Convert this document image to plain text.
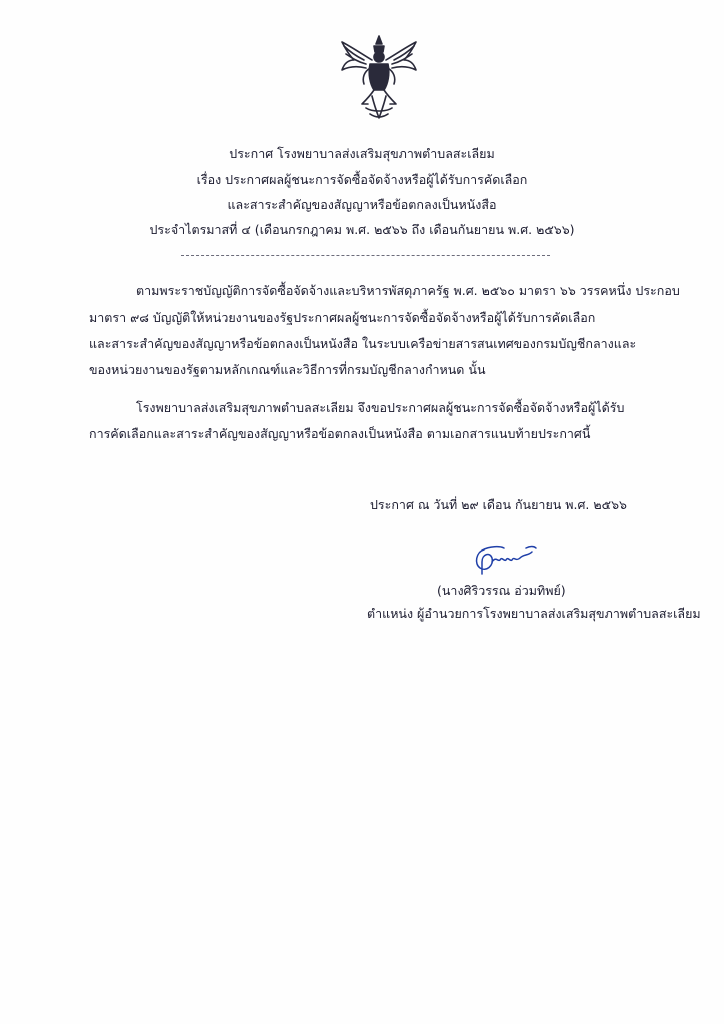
ประกาศ โรงพยาบาลส่งเสริมสุขภาพตำบลสะเลียม
เรื่อง ประกาศผลผู้ชนะการจัดซื้อจัดจ้างหรือผู้ได้รับการคัดเลือก
และสาระสำคัญของสัญญาหรือข้อตกลงเป็นหนังสือ
ประจำไตรมาสที่ ๔ (เดือนกรกฎาคม พ.ศ. ๒๕๖๖ ถึง เดือนกันยายน พ.ศ. ๒๕๖๖)
ตามพระราชบัญญัติการจัดซื้อจัดจ้างและบริหารพัสดุภาครัฐ พ.ศ. ๒๕๖๐ มาตรา ๖๖ วรรคหนึ่ง ประกอบ
มาตรา ๙๘ บัญญัติให้หน่วยงานของรัฐประกาศผลผู้ชนะการจัดซื้อจัดจ้างหรือผู้ได้รับการคัดเลือก
และสาระสำคัญของสัญญาหรือข้อตกลงเป็นหนังสือ ในระบบเครือข่ายสารสนเทศของกรมบัญชีกลางและ
ของหน่วยงานของรัฐตามหลักเกณฑ์และวิธีการที่กรมบัญชีกลางกำหนด นั้น
โรงพยาบาลส่งเสริมสุขภาพตำบลสะเลียม จึงขอประกาศผลผู้ชนะการจัดซื้อจัดจ้างหรือผู้ได้รับ
การคัดเลือกและสาระสำคัญของสัญญาหรือข้อตกลงเป็นหนังสือ ตามเอกสารแนบท้ายประกาศนี้
ประกาศ ณ วันที่ ๒๙ เดือน กันยายน พ.ศ. ๒๕๖๖
(นางศิริวรรณ อ่วมทิพย์)
ตำแหน่ง ผู้อำนวยการโรงพยาบาลส่งเสริมสุขภาพตำบลสะเลียม
